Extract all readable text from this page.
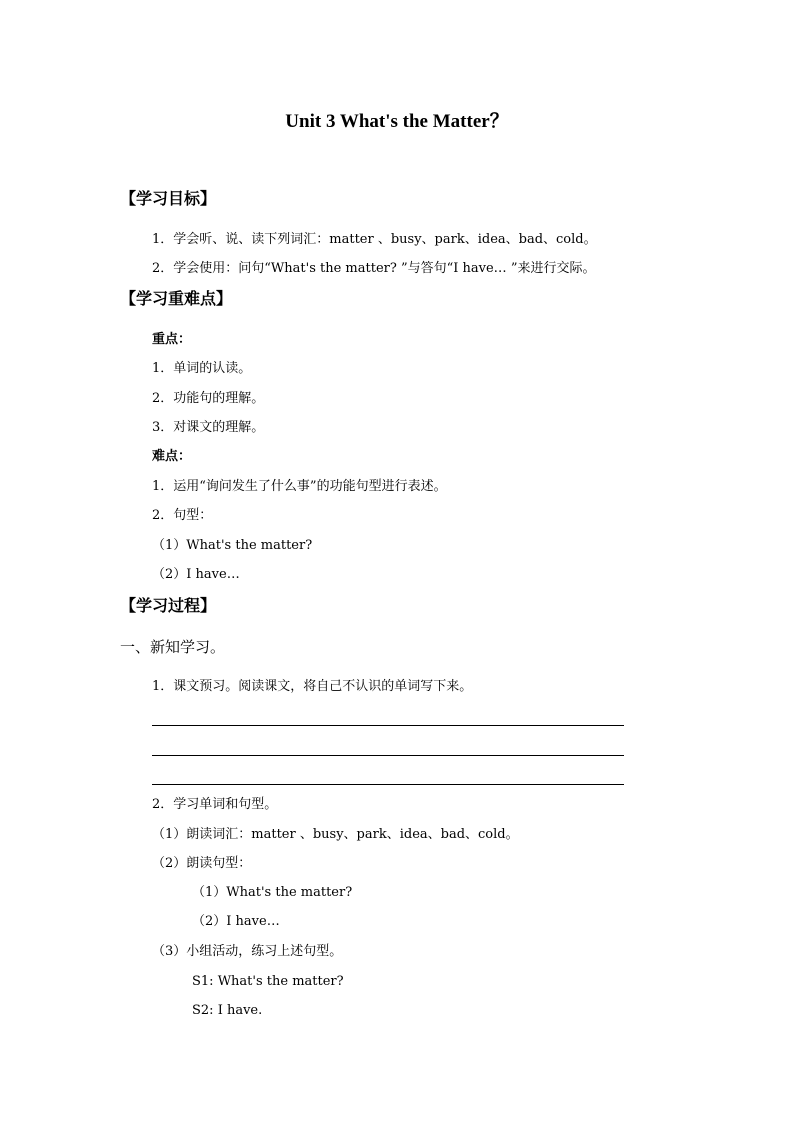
Unit 3 What's the Matter？
【学习目标】
1．学会听、说、读下列词汇：matter 、busy、park、idea、bad、cold。
2．学会使用：问句“What's the matter? ”与答句“I have… ”来进行交际。
【学习重难点】
重点：
1．单词的认读。
2．功能句的理解。
3．对课文的理解。
难点：
1．运用“询问发生了什么事”的功能句型进行表述。
2．句型：
（1）What's the matter?
（2）I have…
【学习过程】
一、新知学习。
1．课文预习。阅读课文，将自己不认识的单词写下来。
2．学习单词和句型。
（1）朗读词汇：matter 、busy、park、idea、bad、cold。
（2）朗读句型：
（1）What's the matter?
（2）I have…
（3）小组活动，练习上述句型。
S1: What's the matter?
S2: I have.
